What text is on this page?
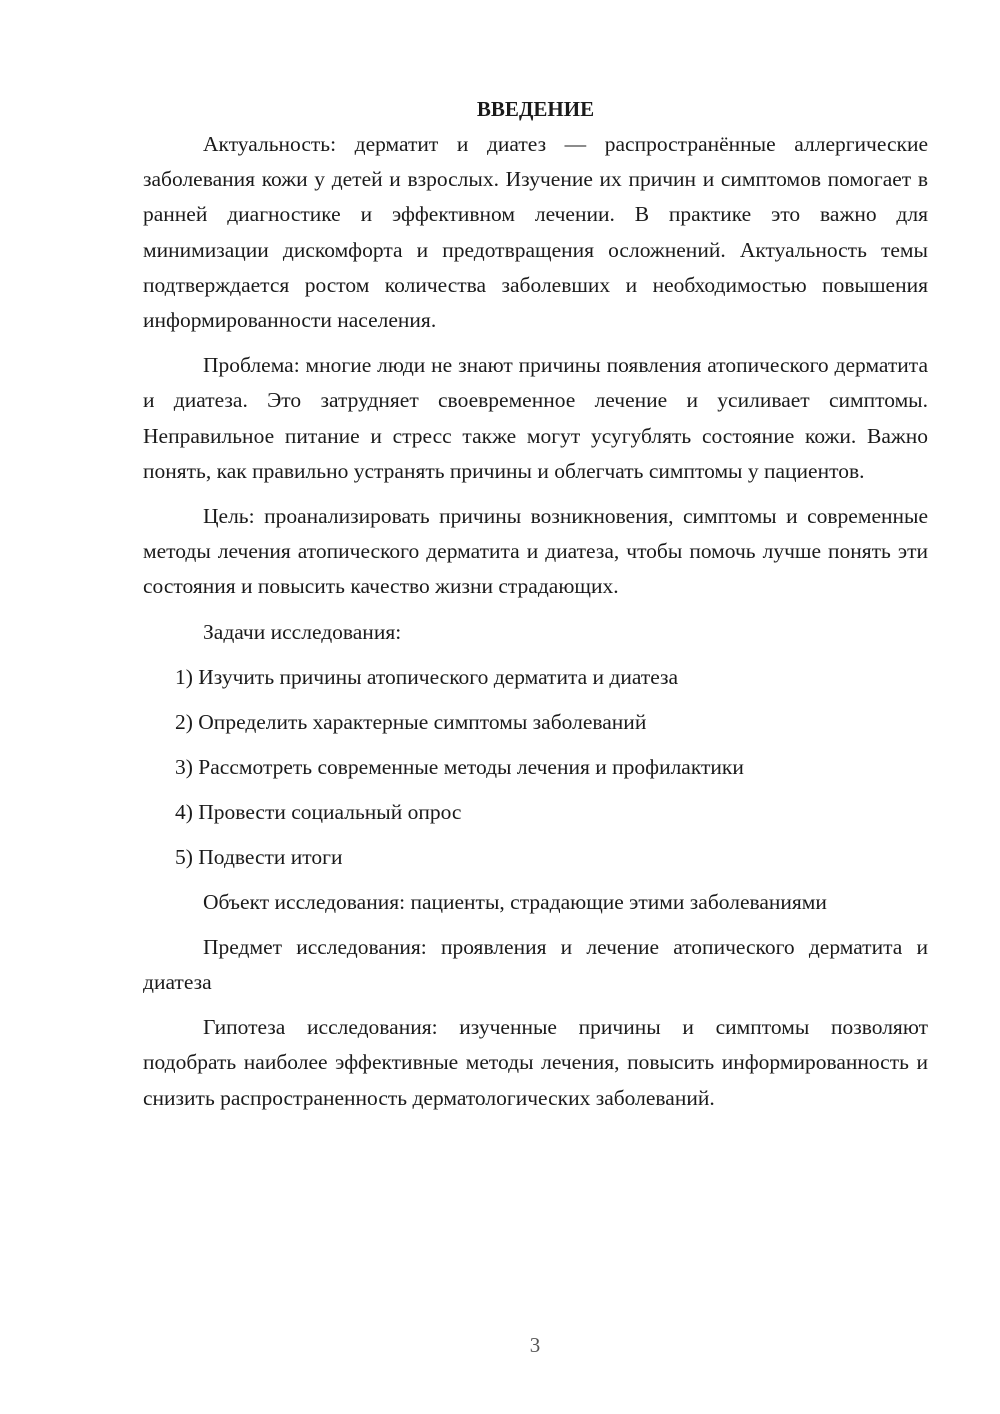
ВВЕДЕНИЕ

Актуальность: дерматит и диатез — распространённые аллергические заболевания кожи у детей и взрослых. Изучение их причин и симптомов помогает в ранней диагностике и эффективном лечении. В практике это важно для минимизации дискомфорта и предотвращения осложнений. Актуальность темы подтверждается ростом количества заболевших и необходимостью повышения информированности населения.

Проблема: многие люди не знают причины появления атопического дерматита и диатеза. Это затрудняет своевременное лечение и усиливает симптомы. Неправильное питание и стресс также могут усугублять состояние кожи. Важно понять, как правильно устранять причины и облегчать симптомы у пациентов.

Цель: проанализировать причины возникновения, симптомы и современные методы лечения атопического дерматита и диатеза, чтобы помочь лучше понять эти состояния и повысить качество жизни страдающих.

Задачи исследования:

1) Изучить причины атопического дерматита и диатеза
2) Определить характерные симптомы заболеваний
3) Рассмотреть современные методы лечения и профилактики
4) Провести социальный опрос
5) Подвести итоги

Объект исследования: пациенты, страдающие этими заболеваниями

Предмет исследования: проявления и лечение атопического дерматита и диатеза

Гипотеза исследования: изученные причины и симптомы позволяют подобрать наиболее эффективные методы лечения, повысить информированность и снизить распространенность дерматологических заболеваний.

3
